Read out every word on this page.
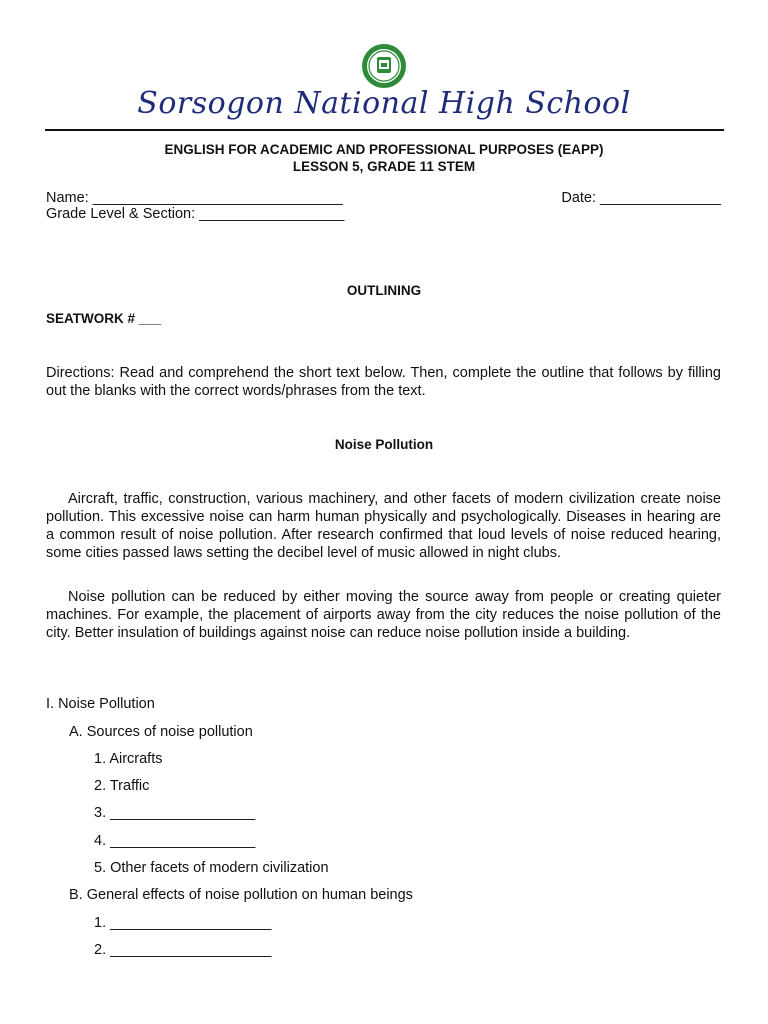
Sorsogon National High School
ENGLISH FOR ACADEMIC AND PROFESSIONAL PURPOSES (EAPP)
LESSON 5, GRADE 11 STEM
Name: _______________________________	Date: _______________
Grade Level & Section: __________________
OUTLINING
SEATWORK # ___

Directions: Read and comprehend the short text below. Then, complete the outline that follows by filling out the blanks with the correct words/phrases from the text.

Noise Pollution

Aircraft, traffic, construction, various machinery, and other facets of modern civilization create noise pollution. This excessive noise can harm human physically and psychologically. Diseases in hearing are a common result of noise pollution. After research confirmed that loud levels of noise reduced hearing, some cities passed laws setting the decibel level of music allowed in night clubs.

Noise pollution can be reduced by either moving the source away from people or creating quieter machines. For example, the placement of airports away from the city reduces the noise pollution of the city. Better insulation of buildings against noise can reduce noise pollution inside a building.

I. Noise Pollution
A. Sources of noise pollution
1. Aircrafts
2. Traffic
3. __________________
4. __________________
5. Other facets of modern civilization
B. General effects of noise pollution on human beings
1. ____________________
2. ____________________
